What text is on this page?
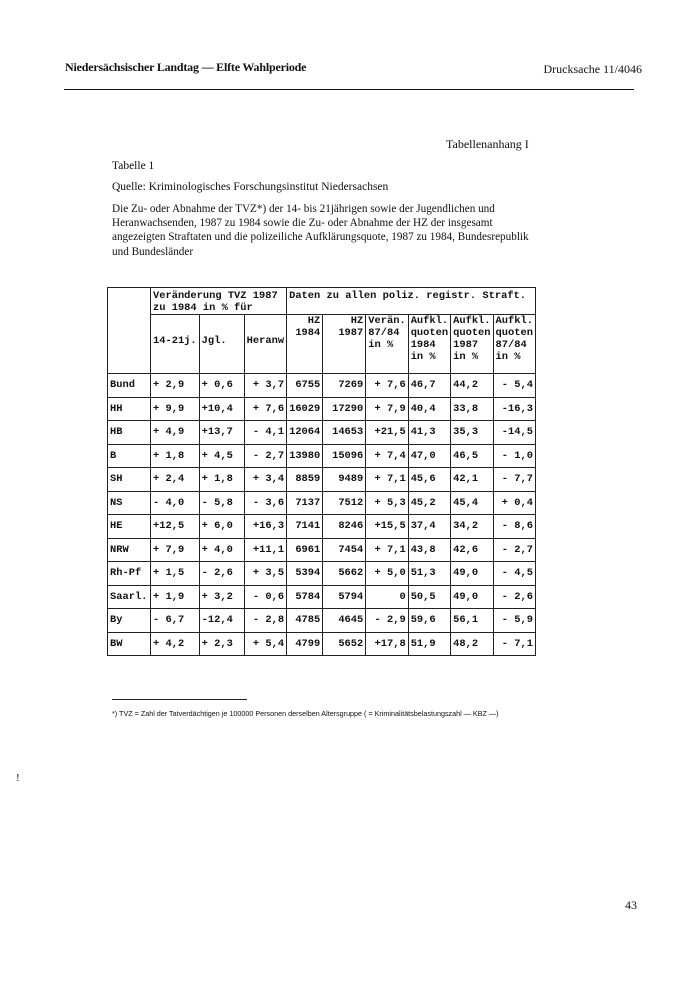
Niedersächsischer Landtag — Elfte Wahlperiode	Drucksache 11/4046
Tabellenanhang I
Tabelle 1
Quelle: Kriminologisches Forschungsinstitut Niedersachsen
Die Zu- oder Abnahme der TVZ*) der 14- bis 21jährigen sowie der Jugendlichen und Heranwachsenden, 1987 zu 1984 sowie die Zu- oder Abnahme der HZ der insgesamt angezeigten Straftaten und die polizeiliche Aufklärungsquote, 1987 zu 1984, Bundesrepublik und Bundesländer
	Veränderung TVZ 1987 zu 1984 in % für			Daten zu allen poliz. registr. Straft.					
	14-21j.	Jgl.	Heranw	HZ 1984	HZ 1987	Verän. 87/84 in %	Aufkl. quoten 1984 in %	Aufkl. quoten 1987 in %	Aufkl. quoten 87/84 in %
Bund	+ 2,9	+ 0,6	+ 3,7	6755	7269	+ 7,6	46,7	44,2	- 5,4
HH	+ 9,9	+10,4	+ 7,6	16029	17290	+ 7,9	40,4	33,8	-16,3
HB	+ 4,9	+13,7	- 4,1	12064	14653	+21,5	41,3	35,3	-14,5
B	+ 1,8	+ 4,5	- 2,7	13980	15096	+ 7,4	47,0	46,5	- 1,0
SH	+ 2,4	+ 1,8	+ 3,4	8859	9489	+ 7,1	45,6	42,1	- 7,7
NS	- 4,0	- 5,8	- 3,6	7137	7512	+ 5,3	45,2	45,4	+ 0,4
HE	+12,5	+ 6,0	+16,3	7141	8246	+15,5	37,4	34,2	- 8,6
NRW	+ 7,9	+ 4,0	+11,1	6961	7454	+ 7,1	43,8	42,6	- 2,7
Rh-Pf	+ 1,5	- 2,6	+ 3,5	5394	5662	+ 5,0	51,3	49,0	- 4,5
Saarl.	+ 1,9	+ 3,2	- 0,6	5784	5794	0	50,5	49,0	- 2,6
By	- 6,7	-12,4	- 2,8	4785	4645	- 2,9	59,6	56,1	- 5,9
BW	+ 4,2	+ 2,3	+ 5,4	4799	5652	+17,8	51,9	48,2	- 7,1
*) TVZ = Zahl der Tatverdächtigen je 100000 Personen derselben Altersgruppe ( = Kriminalitätsbelastungszahl — KBZ —)
!
43
